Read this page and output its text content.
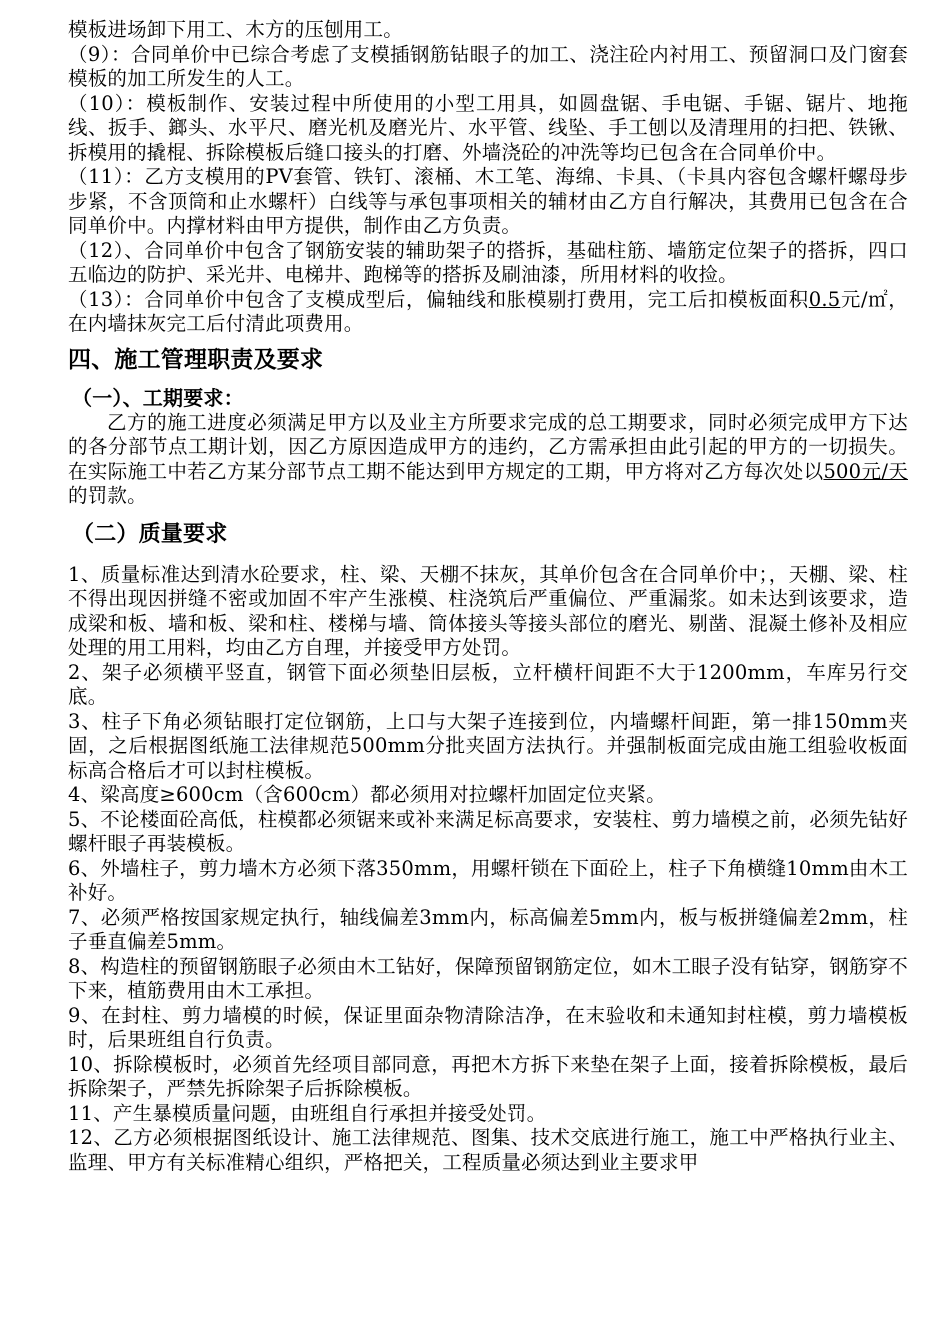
模板进场卸下用工、木方的压刨用工。

（9）：合同单价中已综合考虑了支模插钢筋钻眼子的加工、浇注砼内衬用工、预留洞口及门窗套模板的加工所发生的人工。

（10）：模板制作、安装过程中所使用的小型工用具，如圆盘锯、手电锯、手锯、锯片、地拖线、扳手、鎯头、水平尺、磨光机及磨光片、水平管、线坠、手工刨以及清理用的扫把、铁锹、拆模用的撬棍、拆除模板后缝口接头的打磨、外墙浇砼的冲洗等均已包含在合同单价中。

（11）：乙方支模用的PV套管、铁钉、滚桶、木工笔、海绵、卡具、（卡具内容包含螺杆螺母步步紧，不含顶筒和止水螺杆）白线等与承包事项相关的辅材由乙方自行解决，其费用已包含在合同单价中。内撑材料由甲方提供，制作由乙方负责。

（12）、合同单价中包含了钢筋安装的辅助架子的搭拆，基础柱筋、墙筋定位架子的搭拆，四口五临边的防护、采光井、电梯井、跑梯等的搭拆及刷油漆，所用材料的收捡。

（13）：合同单价中包含了支模成型后，偏轴线和胀模剔打费用，完工后扣模板面积0.5元/㎡，在内墙抹灰完工后付清此项费用。

四、施工管理职责及要求
（一）、工期要求：

乙方的施工进度必须满足甲方以及业主方所要求完成的总工期要求，同时必须完成甲方下达的各分部节点工期计划，因乙方原因造成甲方的违约，乙方需承担由此引起的甲方的一切损失。在实际施工中若乙方某分部节点工期不能达到甲方规定的工期，甲方将对乙方每次处以500元/天的罚款。

（二）质量要求

1、质量标准达到清水砼要求，柱、梁、天棚不抹灰，其单价包含在合同单价中；，天棚、梁、柱不得出现因拼缝不密或加固不牢产生涨模、柱浇筑后严重偏位、严重漏浆。如未达到该要求，造成梁和板、墙和板、梁和柱、楼梯与墙、筒体接头等接头部位的磨光、剔凿、混凝土修补及相应处理的用工用料，均由乙方自理，并接受甲方处罚。

2、架子必须横平竖直，钢管下面必须垫旧层板，立杆横杆间距不大于1200mm，车库另行交底。

3、柱子下角必须钻眼打定位钢筋，上口与大架子连接到位，内墙螺杆间距，第一排150mm夹固，之后根据图纸施工法律规范500mm分批夹固方法执行。并强制板面完成由施工组验收板面标高合格后才可以封柱模板。

4、梁高度≥600cm（含600cm）都必须用对拉螺杆加固定位夹紧。

5、不论楼面砼高低，柱模都必须锯来或补来满足标高要求，安装柱、剪力墙模之前，必须先钻好螺杆眼子再装模板。

6、外墙柱子，剪力墙木方必须下落350mm，用螺杆锁在下面砼上，柱子下角横缝10mm由木工补好。

7、必须严格按国家规定执行，轴线偏差3mm内，标高偏差5mm内，板与板拼缝偏差2mm，柱子垂直偏差5mm。

8、构造柱的预留钢筋眼子必须由木工钻好，保障预留钢筋定位，如木工眼子没有钻穿，钢筋穿不下来，植筋费用由木工承担。

9、在封柱、剪力墙模的时候，保证里面杂物清除洁净，在末验收和未通知封柱模，剪力墙模板时，后果班组自行负责。

10、拆除模板时，必须首先经项目部同意，再把木方拆下来垫在架子上面，接着拆除模板，最后拆除架子，严禁先拆除架子后拆除模板。

11、产生暴模质量问题，由班组自行承担并接受处罚。

12、乙方必须根据图纸设计、施工法律规范、图集、技术交底进行施工，施工中严格执行业主、监理、甲方有关标准精心组织，严格把关，工程质量必须达到业主要求甲
